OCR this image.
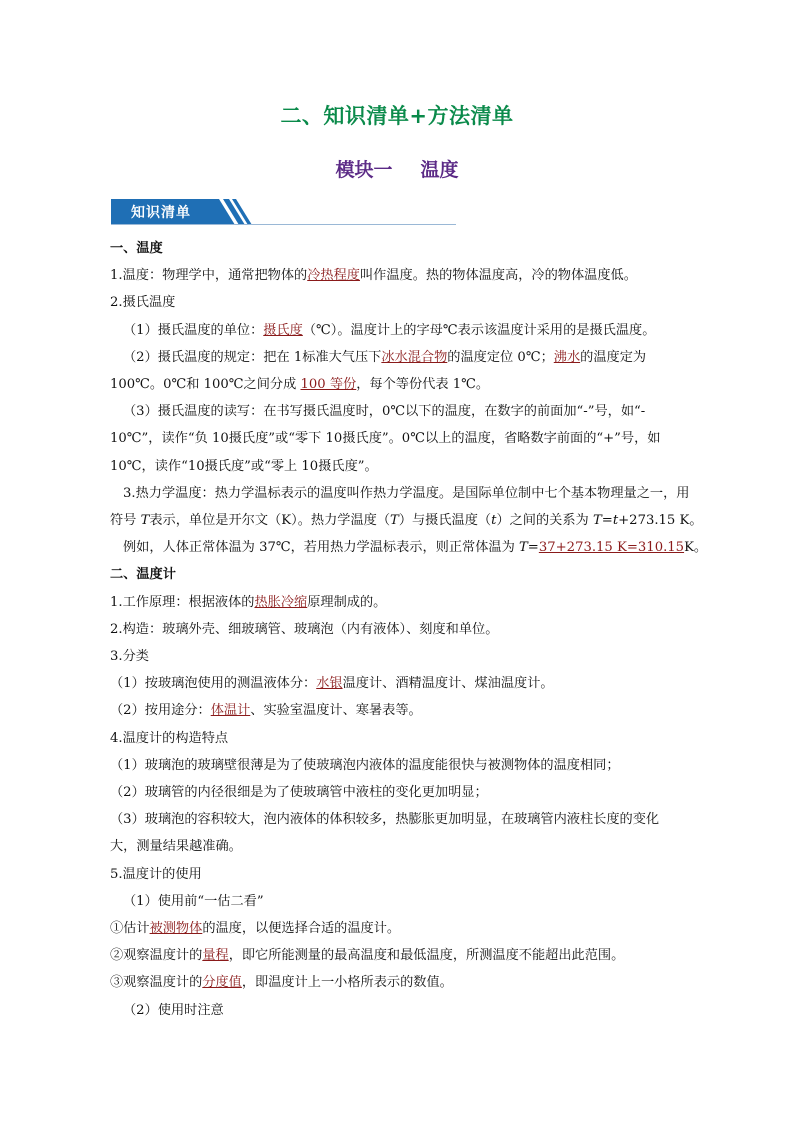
二、知识清单+方法清单
模块一 温度
知识清单

一、温度

1.温度：物理学中，通常把物体的冷热程度叫作温度。热的物体温度高，冷的物体温度低。

2.摄氏温度

（1）摄氏温度的单位：摄氏度（℃）。温度计上的字母℃表示该温度计采用的是摄氏温度。

（2）摄氏温度的规定：把在 1标准大气压下冰水混合物的温度定位 0℃；沸水的温度定为

100℃。0℃和 100℃之间分成 100 等份，每个等份代表 1℃。

（3）摄氏温度的读写：在书写摄氏温度时，0℃以下的温度，在数字的前面加“-”号，如“-

10℃”，读作“负 10摄氏度”或“零下 10摄氏度”。0℃以上的温度，省略数字前面的“+”号，如

10℃，读作“10摄氏度”或“零上 10摄氏度”。

3.热力学温度：热力学温标表示的温度叫作热力学温度。是国际单位制中七个基本物理量之一，用

符号 T表示，单位是开尔文（K）。热力学温度（T）与摄氏温度（t）之间的关系为 T=t+273.15 K。

例如，人体正常体温为 37℃，若用热力学温标表示，则正常体温为 T=37+273.15 K=310.15K。

二、温度计

1.工作原理：根据液体的热胀冷缩原理制成的。

2.构造：玻璃外壳、细玻璃管、玻璃泡（内有液体）、刻度和单位。

3.分类

（1）按玻璃泡使用的测温液体分：水银温度计、酒精温度计、煤油温度计。

（2）按用途分：体温计、实验室温度计、寒暑表等。

4.温度计的构造特点

（1）玻璃泡的玻璃壁很薄是为了使玻璃泡内液体的温度能很快与被测物体的温度相同；

（2）玻璃管的内径很细是为了使玻璃管中液柱的变化更加明显；

（3）玻璃泡的容积较大，泡内液体的体积较多，热膨胀更加明显，在玻璃管内液柱长度的变化

大，测量结果越准确。

5.温度计的使用

（1）使用前“一估二看”

①估计被测物体的温度，以便选择合适的温度计。

②观察温度计的量程，即它所能测量的最高温度和最低温度，所测温度不能超出此范围。

③观察温度计的分度值，即温度计上一小格所表示的数值。

（2）使用时注意
